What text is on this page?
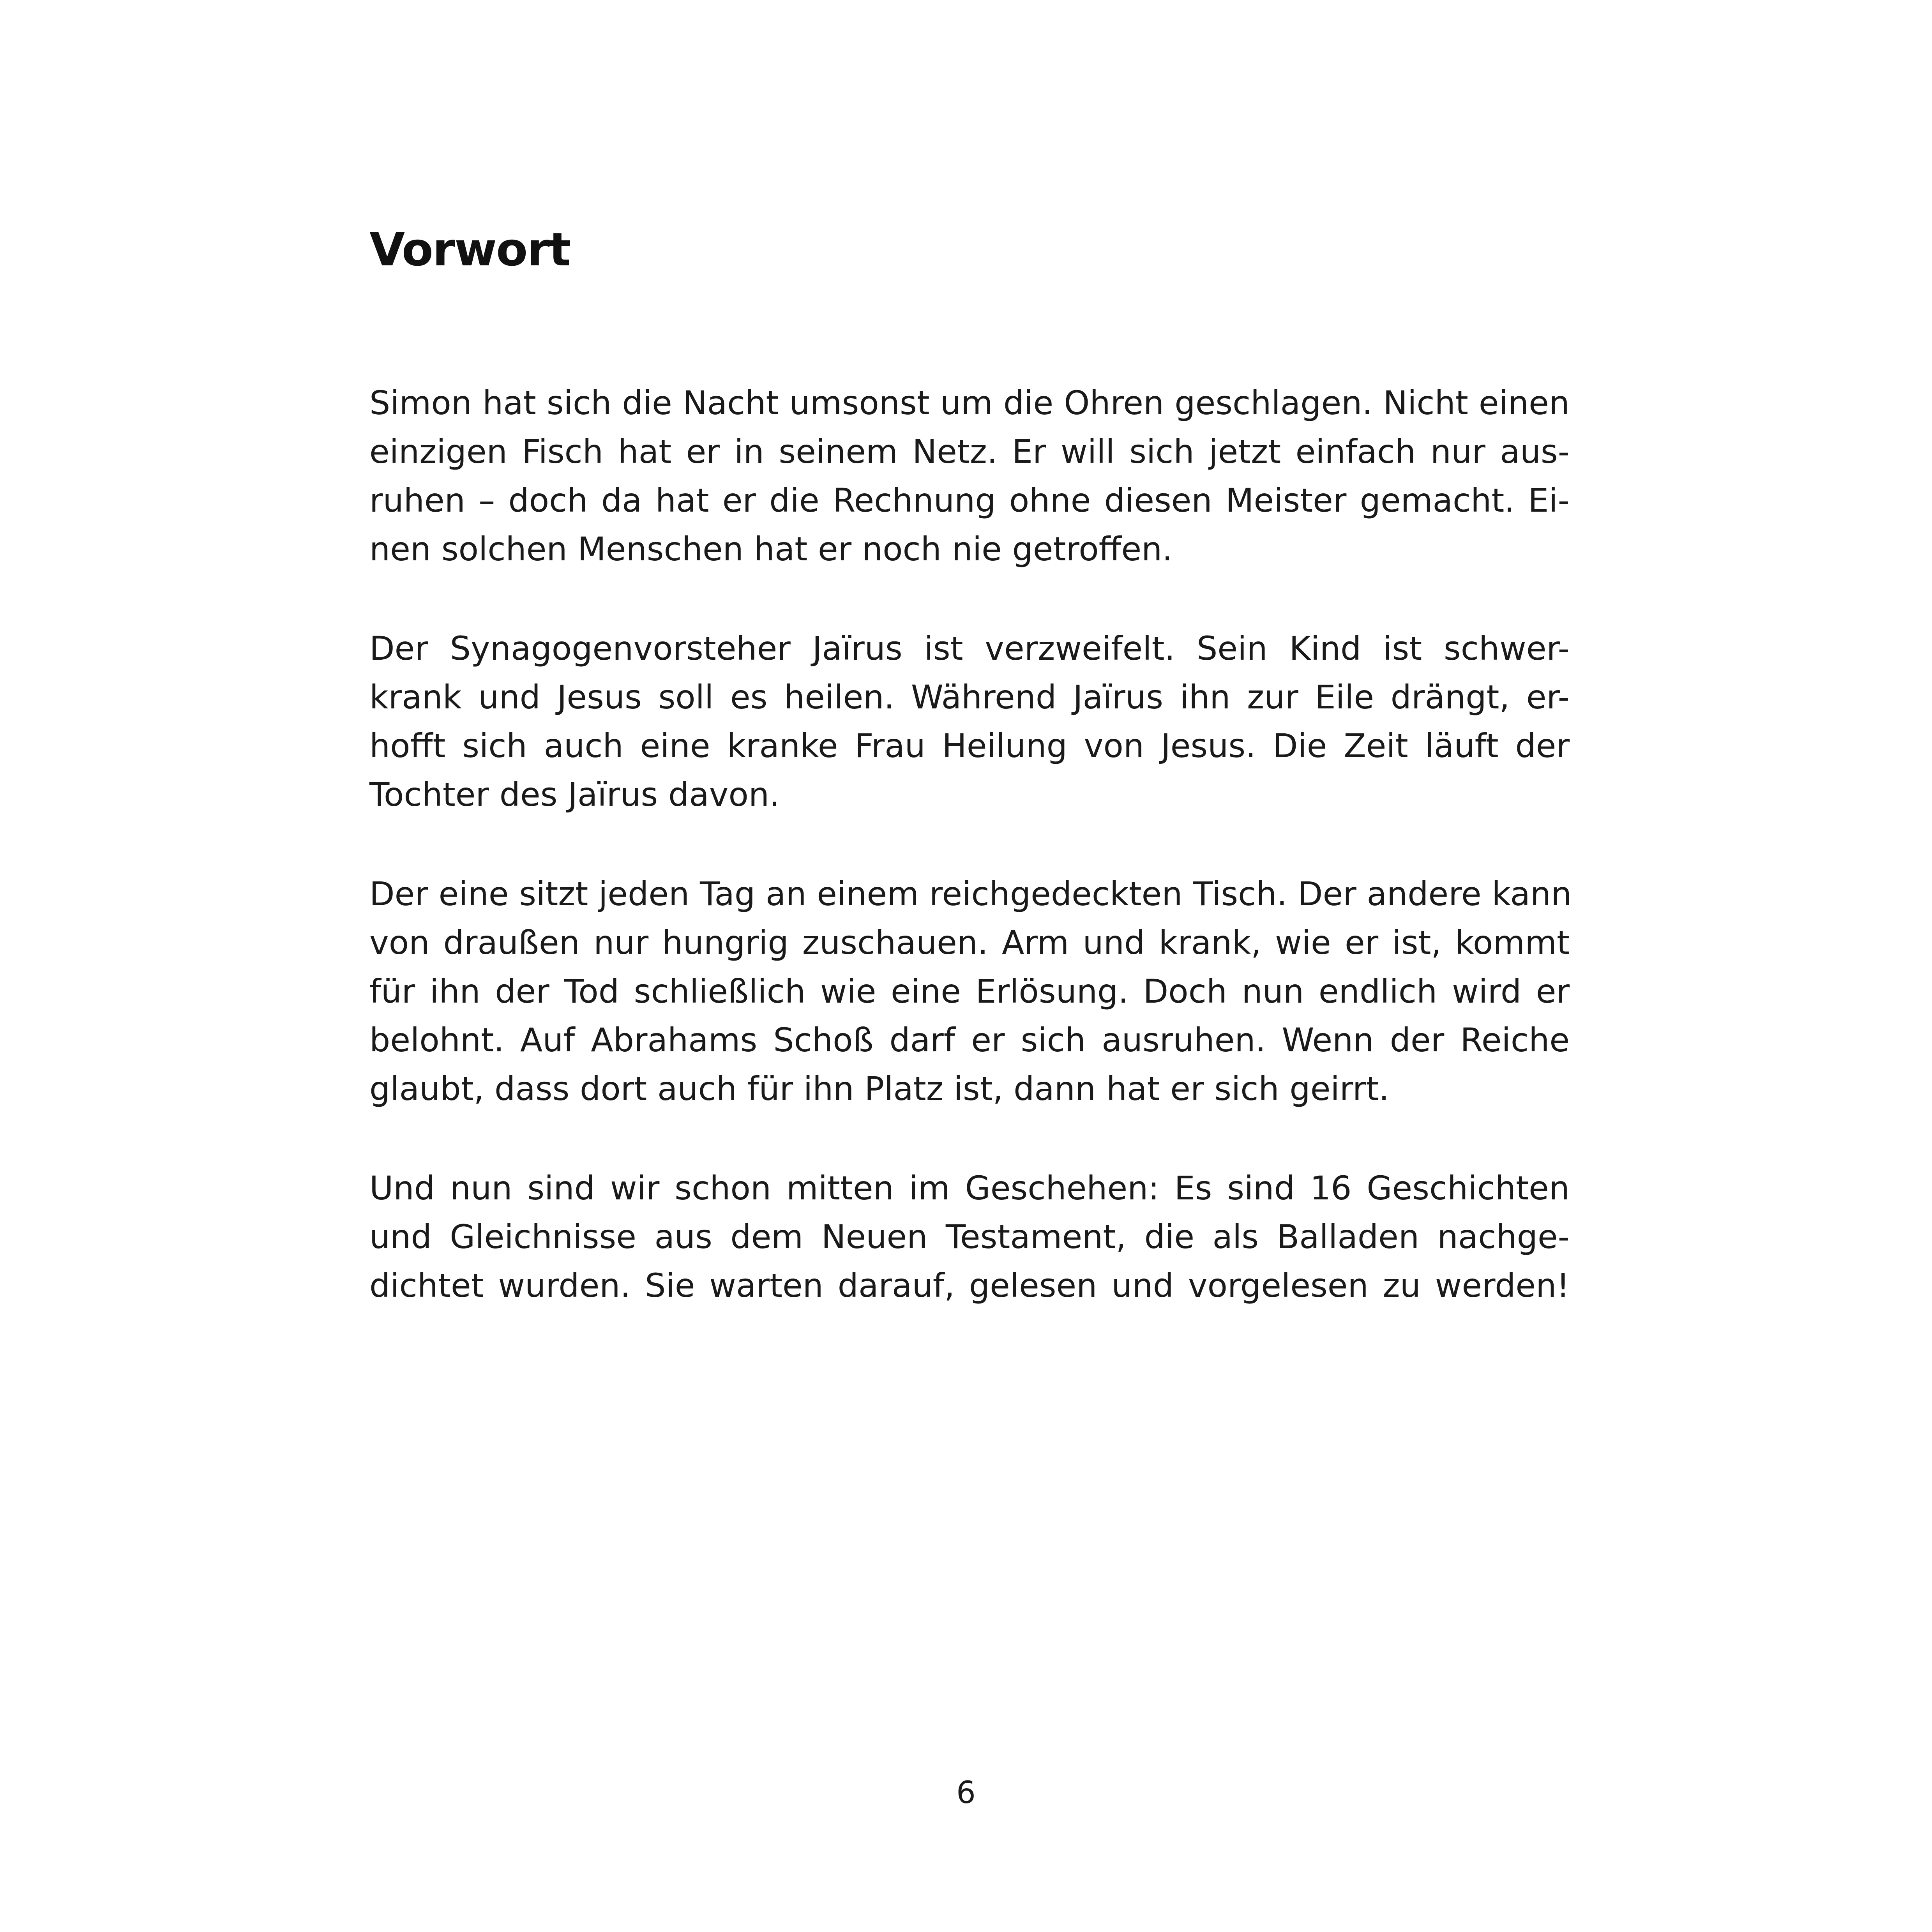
Vorwort

Simon hat sich die Nacht umsonst um die Ohren geschlagen. Nicht einen
einzigen Fisch hat er in seinem Netz. Er will sich jetzt einfach nur aus-
ruhen – doch da hat er die Rechnung ohne diesen Meister gemacht. Ei-
nen solchen Menschen hat er noch nie getroffen.

Der Synagogenvorsteher Jaïrus ist verzweifelt. Sein Kind ist schwer-
krank und Jesus soll es heilen. Während Jaïrus ihn zur Eile drängt, er-
hofft sich auch eine kranke Frau Heilung von Jesus. Die Zeit läuft der
Tochter des Jaïrus davon.

Der eine sitzt jeden Tag an einem reichgedeckten Tisch. Der andere kann
von draußen nur hungrig zuschauen. Arm und krank, wie er ist, kommt
für ihn der Tod schließlich wie eine Erlösung. Doch nun endlich wird er
belohnt. Auf Abrahams Schoß darf er sich ausruhen. Wenn der Reiche
glaubt, dass dort auch für ihn Platz ist, dann hat er sich geirrt.

Und nun sind wir schon mitten im Geschehen: Es sind 16 Geschichten
und Gleichnisse aus dem Neuen Testament, die als Balladen nachge-
dichtet wurden. Sie warten darauf, gelesen und vorgelesen zu werden!

6
